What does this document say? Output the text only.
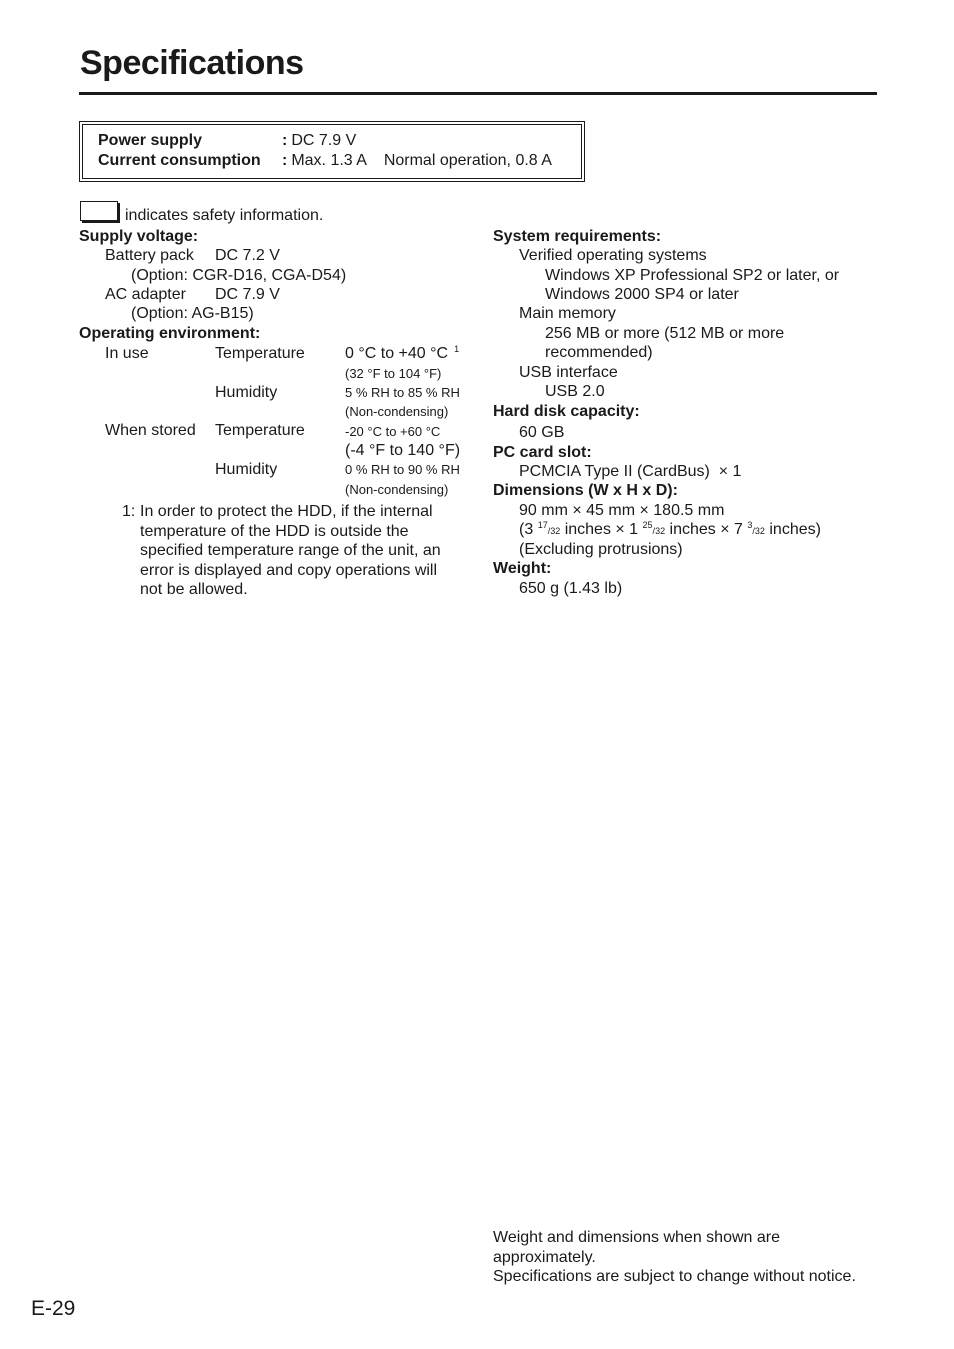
Specifications
Power supply	: DC 7.9 V
Current consumption : Max. 1.3 A    Normal operation, 0.8 A
indicates safety information.
Supply voltage:
Battery pack DC 7.2 V
(Option: CGR-D16, CGA-D54)
AC adapter DC 7.9 V
(Option: AG-B15)
Operating environment:
In use	Temperature	0 °C to +40 °C $^1$
(32 °F to 104 °F)
Humidity	5 % RH to 85 % RH
(Non-condensing)
When stored Temperature	-20 °C to +60 °C
(-4 °F to 140 °F)
Humidity	0 % RH to 90 % RH
(Non-condensing)
1: In order to protect the HDD, if the internal temperature of the HDD is outside the specified temperature range of the unit, an error is displayed and copy operations will not be allowed.
System requirements:
Verified operating systems
Windows XP Professional SP2 or later, or
Windows 2000 SP4 or later
Main memory
256 MB or more (512 MB or more
recommended)
USB interface
USB 2.0
Hard disk capacity:
60 GB
PC card slot:
PCMCIA Type II (CardBus)  × 1
Dimensions (W x H x D):
90 mm × 45 mm × 180.5 mm
(3 $^{17}$/32 inches × 1 $^{25}$/32 inches × 7 $^3$/32 inches)
(Excluding protrusions)
Weight:
650 g (1.43 lb)
Weight and dimensions when shown are
approximately.
Specifications are subject to change without notice.
E-29
